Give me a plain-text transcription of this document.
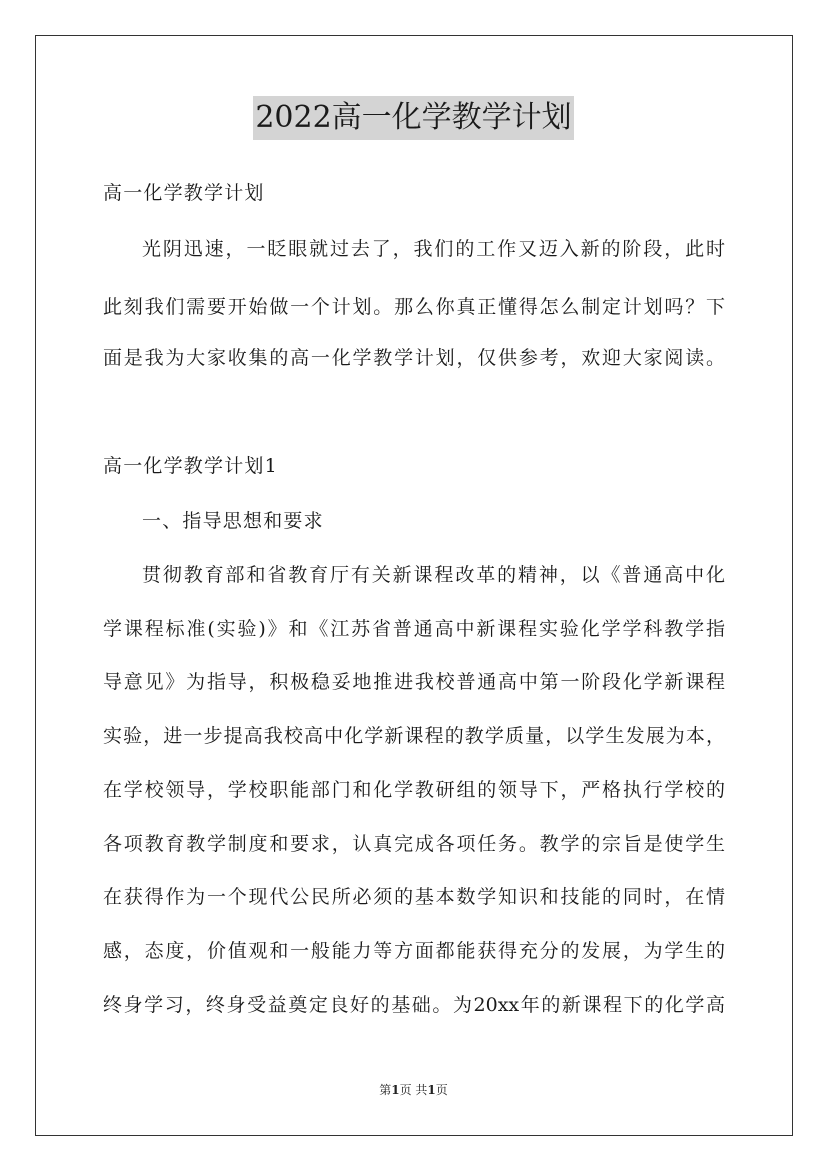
2022高一化学教学计划
高一化学教学计划
光阴迅速，一眨眼就过去了，我们的工作又迈入新的阶段，此时
此刻我们需要开始做一个计划。那么你真正懂得怎么制定计划吗？下
面是我为大家收集的高一化学教学计划，仅供参考，欢迎大家阅读。
高一化学教学计划1
一、指导思想和要求
贯彻教育部和省教育厅有关新课程改革的精神，以《普通高中化
学课程标准(实验)》和《江苏省普通高中新课程实验化学学科教学指
导意见》为指导，积极稳妥地推进我校普通高中第一阶段化学新课程
实验，进一步提高我校高中化学新课程的教学质量，以学生发展为本，
在学校领导，学校职能部门和化学教研组的领导下，严格执行学校的
各项教育教学制度和要求，认真完成各项任务。教学的宗旨是使学生
在获得作为一个现代公民所必须的基本数学知识和技能的同时，在情
感，态度，价值观和一般能力等方面都能获得充分的发展，为学生的
终身学习，终身受益奠定良好的基础。为20xx年的新课程下的化学高
第1页 共1页
